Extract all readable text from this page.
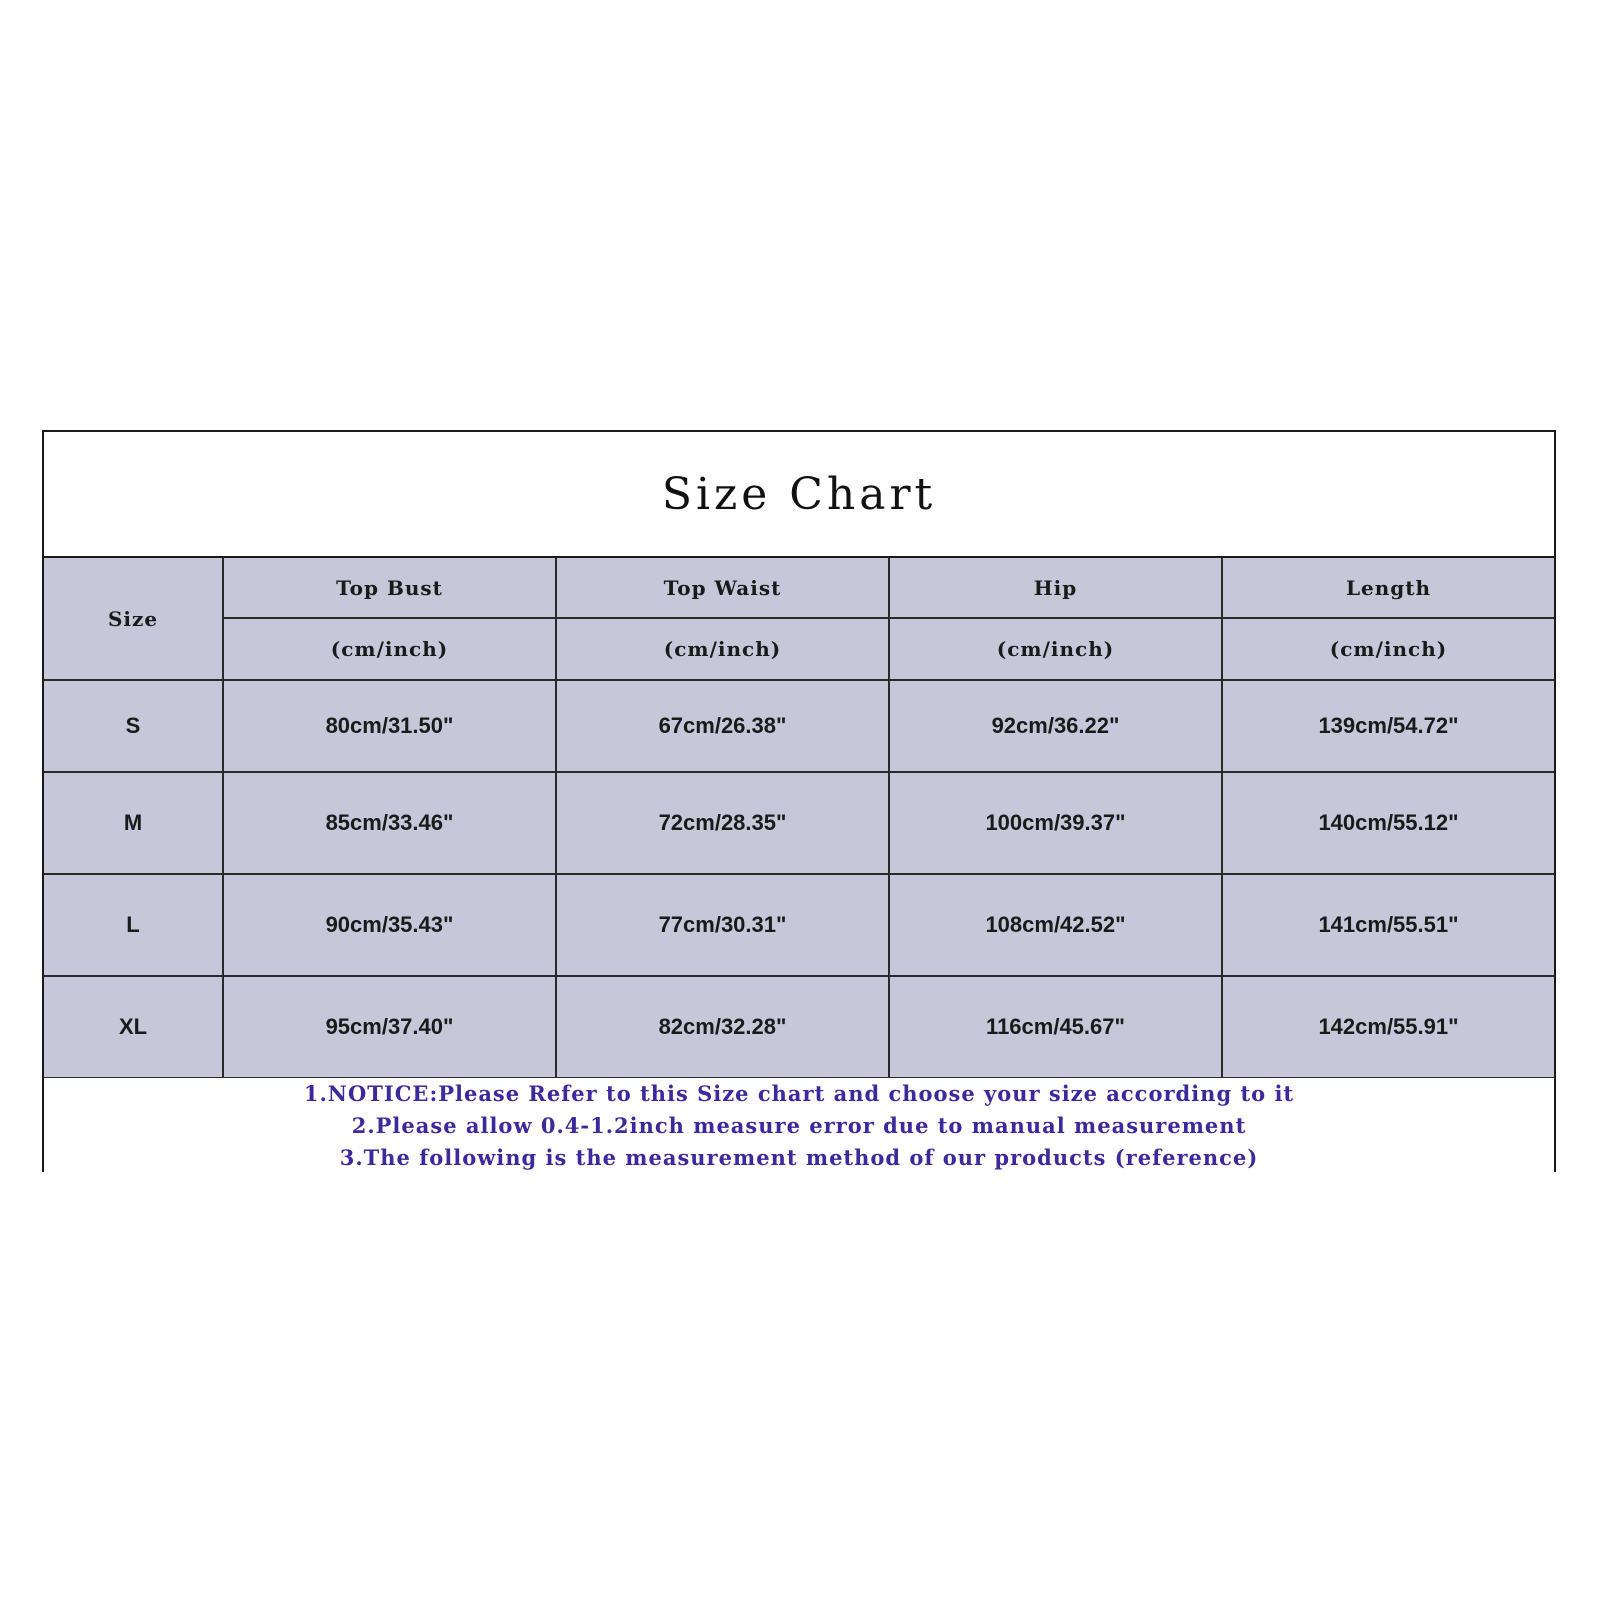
Size Chart
Size	Top Bust	Top Waist	Hip	Length
	(cm/inch)	(cm/inch)	(cm/inch)	(cm/inch)
S	80cm/31.50"	67cm/26.38"	92cm/36.22"	139cm/54.72"
M	85cm/33.46"	72cm/28.35"	100cm/39.37"	140cm/55.12"
L	90cm/35.43"	77cm/30.31"	108cm/42.52"	141cm/55.51"
XL	95cm/37.40"	82cm/32.28"	116cm/45.67"	142cm/55.91"
1.NOTICE:Please Refer to this Size chart and choose your size according to it
2.Please allow 0.4-1.2inch measure error due to manual measurement
3.The following is the measurement method of our products (reference)
